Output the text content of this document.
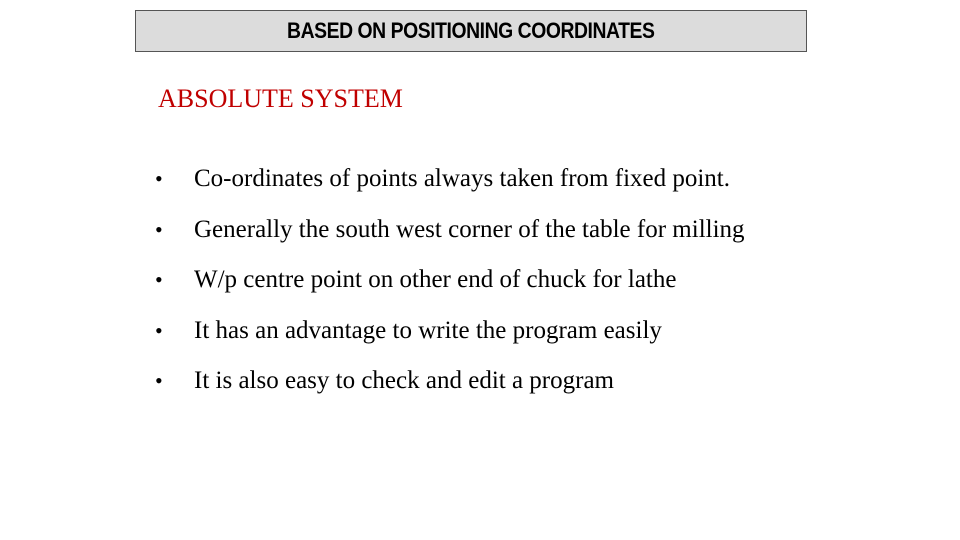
BASED ON POSITIONING COORDINATES
ABSOLUTE SYSTEM
•	Co-ordinates of points always taken from fixed point.
•	Generally the south west corner of the table for milling
•	W/p centre point on other end of chuck for lathe
•	It has an advantage to write the program easily
•	It is also easy to check and edit a program
